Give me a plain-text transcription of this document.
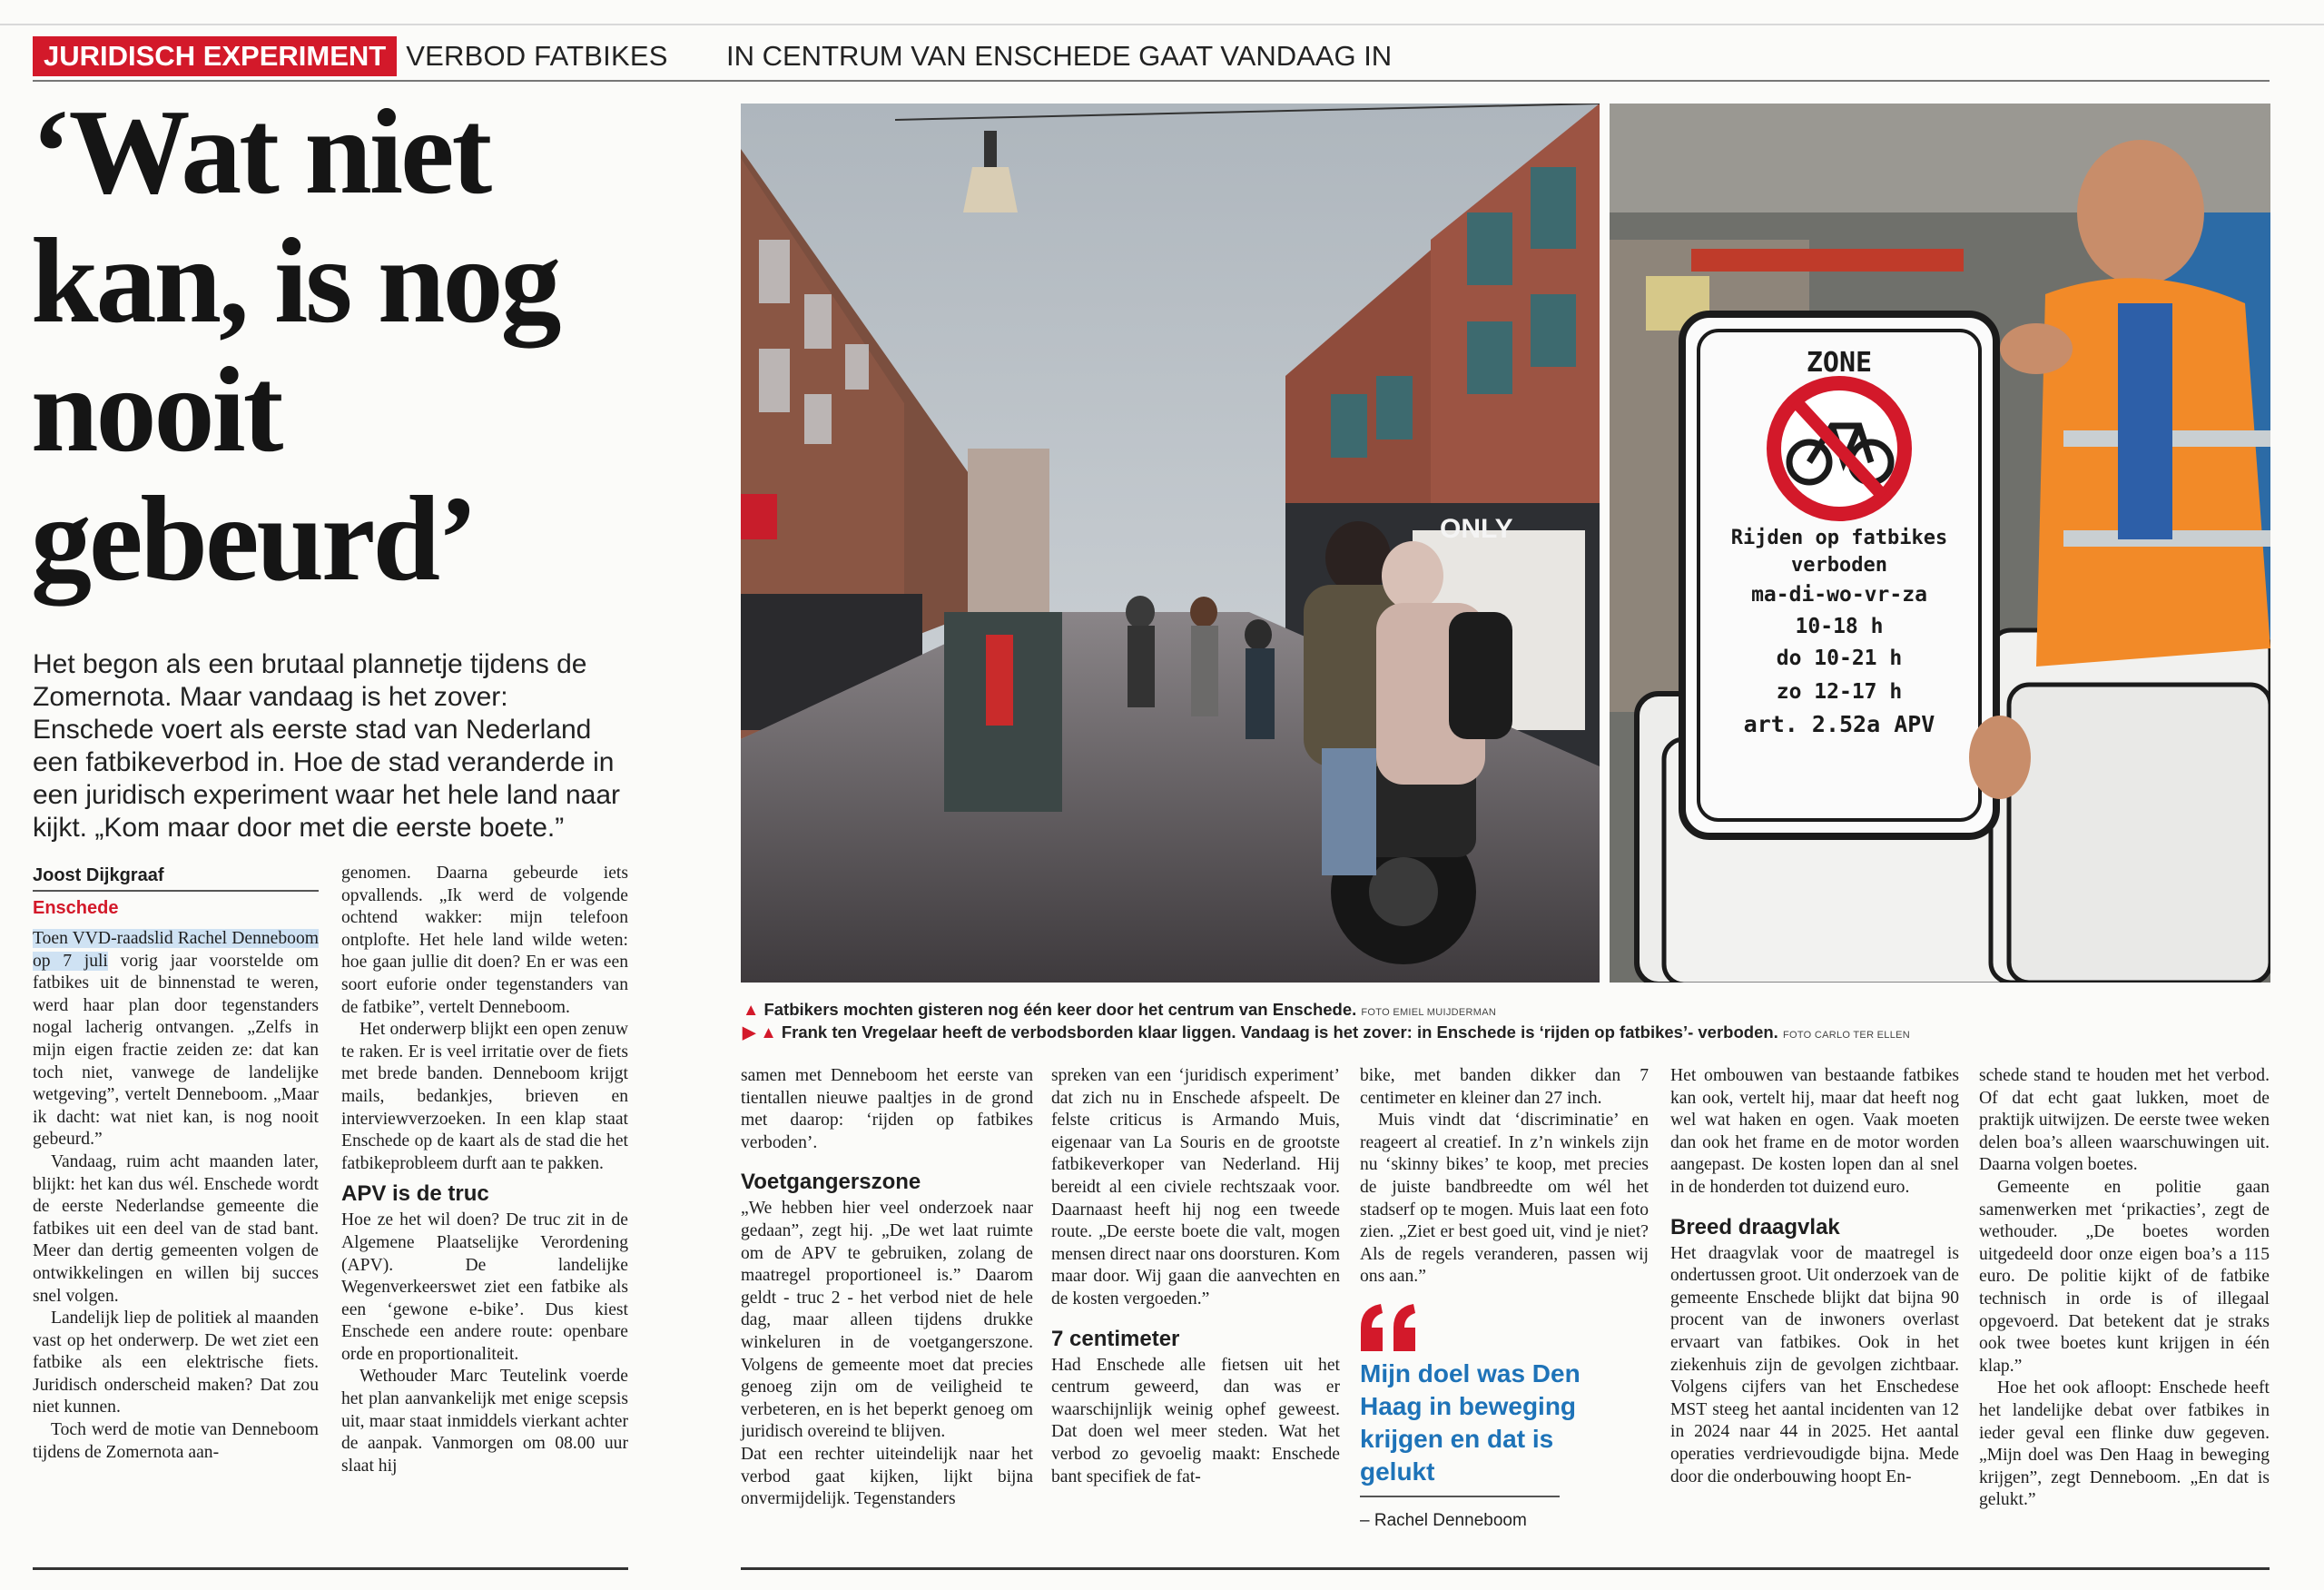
JURIDISCH EXPERIMENT VERBOD FATBIKES IN CENTRUM VAN ENSCHEDE GAAT VANDAAG IN
‘Wat niet kan, is nog nooit gebeurd’
Het begon als een brutaal plannetje tijdens de Zomernota. Maar vandaag is het zover: Enschede voert als eerste stad van Nederland een fatbikeverbod in. Hoe de stad veranderde in een juridisch experiment waar het hele land naar kijkt. „Kom maar door met die eerste boete.”
Joost Dijkgraaf
Enschede

Toen VVD-raadslid Rachel Denneboom op 7 juli vorig jaar voorstelde om fatbikes uit de binnenstad te weren, werd haar plan door tegenstanders nogal lacherig ontvangen. „Zelfs in mijn eigen fractie zeiden ze: dat kan toch niet, vanwege de landelijke wetgeving”, vertelt Denneboom. „Maar ik dacht: wat niet kan, is nog nooit gebeurd.”

Vandaag, ruim acht maanden later, blijkt: het kan dus wél. Enschede wordt de eerste Nederlandse gemeente die fatbikes uit een deel van de stad bant. Meer dan dertig gemeenten volgen de ontwikkelingen en willen bij succes snel volgen.

Landelijk liep de politiek al maanden vast op het onderwerp. De wet ziet een fatbike als een elektrische fiets. Juridisch onderscheid maken? Dat zou niet kunnen.

Toch werd de motie van Denneboom tijdens de Zomernota aan-

genomen. Daarna gebeurde iets opvallends. „Ik werd de volgende ochtend wakker: mijn telefoon ontplofte. Het hele land wilde weten: hoe gaan jullie dit doen? En er was een soort euforie onder tegenstanders van de fatbike”, vertelt Denneboom.

Het onderwerp blijkt een open zenuw te raken. Er is veel irritatie over de fiets met brede banden. Denneboom krijgt mails, bedankjes, brieven en interviewverzoeken. In een klap staat Enschede op de kaart als de stad die het fatbikeprobleem durft aan te pakken.

APV is de truc

Hoe ze het wil doen? De truc zit in de Algemene Plaatselijke Verordening (APV). De landelijke Wegenverkeerswet ziet een fatbike als een ‘gewone e-bike’. Dus kiest Enschede een andere route: openbare orde en proportionaliteit.

Wethouder Marc Teutelink voerde het plan aanvankelijk met enige scepsis uit, maar staat inmiddels vierkant achter de aanpak. Vanmorgen om 08.00 uur slaat hij

ONLY
ZONE
Rijden op fatbikes
verboden
ma-di-wo-vr-za
10-18 h
do 10-21 h
zo 12-17 h
art. 2.52a APV
▲ Fatbikers mochten gisteren nog één keer door het centrum van Enschede. FOTO EMIEL MUIJDERMAN
▶ ▲ Frank ten Vregelaar heeft de verbodsborden klaar liggen. Vandaag is het zover: in Enschede is ‘rijden op fatbikes’- verboden. FOTO CARLO TER ELLEN

samen met Denneboom het eerste van tientallen nieuwe paaltjes in de grond met daarop: ‘rijden op fatbikes verboden’.

Voetgangerszone

„We hebben hier veel onderzoek naar gedaan”, zegt hij. „De wet laat ruimte om de APV te gebruiken, zolang de maatregel proportioneel is.” Daarom geldt - truc 2 - het verbod niet de hele dag, maar alleen tijdens drukke winkeluren in de voetgangerszone. Volgens de gemeente moet dat precies genoeg zijn om de veiligheid te verbeteren, en is het beperkt genoeg om juridisch overeind te blijven.

Dat een rechter uiteindelijk naar het verbod gaat kijken, lijkt bijna onvermijdelijk. Tegenstanders

spreken van een ‘juridisch experiment’ dat zich nu in Enschede afspeelt. De felste criticus is Armando Muis, eigenaar van La Souris en de grootste fatbikeverkoper van Nederland. Hij bereidt al een civiele rechtszaak voor. Daarnaast heeft hij nog een tweede route. „De eerste boete die valt, mogen mensen direct naar ons doorsturen. Kom maar door. Wij gaan die aanvechten en de kosten vergoeden.”

7 centimeter

Had Enschede alle fietsen uit het centrum geweerd, dan was er waarschijnlijk weinig ophef geweest. Dat doen wel meer steden. Wat het verbod zo gevoelig maakt: Enschede bant specifiek de fat-

bike, met banden dikker dan 7 centimeter en kleiner dan 27 inch.

Muis vindt dat ‘discriminatie’ en reageert al creatief. In z’n winkels zijn nu ‘skinny bikes’ te koop, met precies de juiste bandbreedte om wél het stadserf op te mogen. Muis laat een foto zien. „Ziet er best goed uit, vind je niet? Als de regels veranderen, passen wij ons aan.”

Mijn doel was Den Haag in beweging krijgen en dat is gelukt
– Rachel Denneboom

Het ombouwen van bestaande fatbikes kan ook, vertelt hij, maar dat heeft nog wel wat haken en ogen. Vaak moeten dan ook het frame en de motor worden aangepast. De kosten lopen dan al snel in de honderden tot duizend euro.

Breed draagvlak

Het draagvlak voor de maatregel is ondertussen groot. Uit onderzoek van de gemeente Enschede blijkt dat bijna 90 procent van de inwoners overlast ervaart van fatbikes. Ook in het ziekenhuis zijn de gevolgen zichtbaar. Volgens cijfers van het Enschedese MST steeg het aantal incidenten van 12 in 2024 naar 44 in 2025. Het aantal operaties verdrievoudigde bijna. Mede door die onderbouwing hoopt En-

schede stand te houden met het verbod. Of dat echt gaat lukken, moet de praktijk uitwijzen. De eerste twee weken delen boa’s alleen waarschuwingen uit. Daarna volgen boetes.

Gemeente en politie gaan samenwerken met ‘prikacties’, zegt de wethouder. „De boetes worden uitgedeeld door onze eigen boa’s a 115 euro. De politie kijkt of de fatbike technisch in orde is of illegaal opgevoerd. Dat betekent dat je straks ook twee boetes kunt krijgen in één klap.”

Hoe het ook afloopt: Enschede heeft het landelijke debat over fatbikes in ieder geval een flinke duw gegeven. „Mijn doel was Den Haag in beweging krijgen”, zegt Denneboom. „En dat is gelukt.”
